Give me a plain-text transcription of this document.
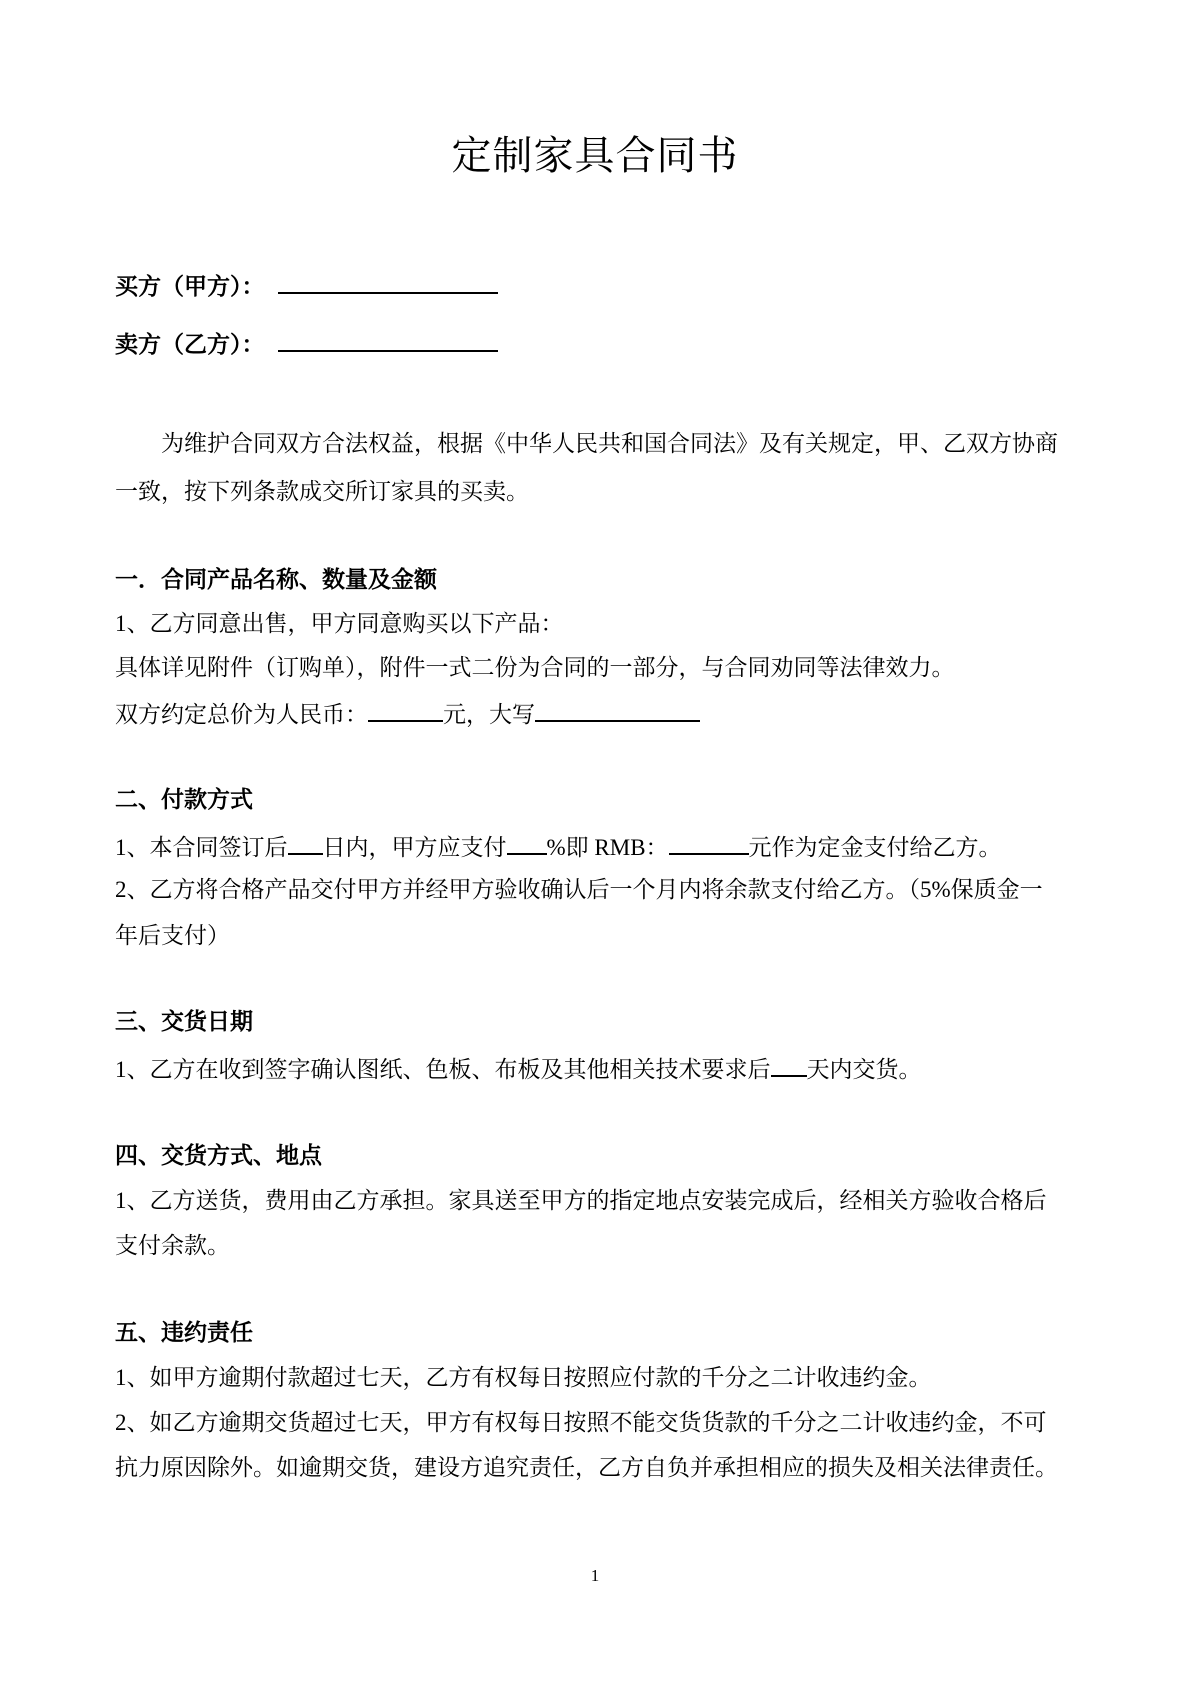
定制家具合同书
买方（甲方）：
卖方（乙方）：
为维护合同双方合法权益，根据《中华人民共和国合同法》及有关规定，甲、乙双方协商
一致，按下列条款成交所订家具的买卖。
一．合同产品名称、数量及金额
1、乙方同意出售，甲方同意购买以下产品：
具体详见附件（订购单），附件一式二份为合同的一部分，与合同劝同等法律效力。
双方约定总价为人民币：	元，大写
二、付款方式
1、本合同签订后 日内，甲方应支付 %即 RMB：	元作为定金支付给乙方。
2、乙方将合格产品交付甲方并经甲方验收确认后一个月内将余款支付给乙方。（5%保质金一
年后支付）
三、交货日期
1、乙方在收到签字确认图纸、色板、布板及其他相关技术要求后 天内交货。
四、交货方式、地点
1、乙方送货，费用由乙方承担。家具送至甲方的指定地点安装完成后，经相关方验收合格后
支付余款。
五、违约责任
1、如甲方逾期付款超过七天，乙方有权每日按照应付款的千分之二计收违约金。
2、如乙方逾期交货超过七天，甲方有权每日按照不能交货货款的千分之二计收违约金，不可
抗力原因除外。如逾期交货，建设方追究责任，乙方自负并承担相应的损失及相关法律责任。
1
